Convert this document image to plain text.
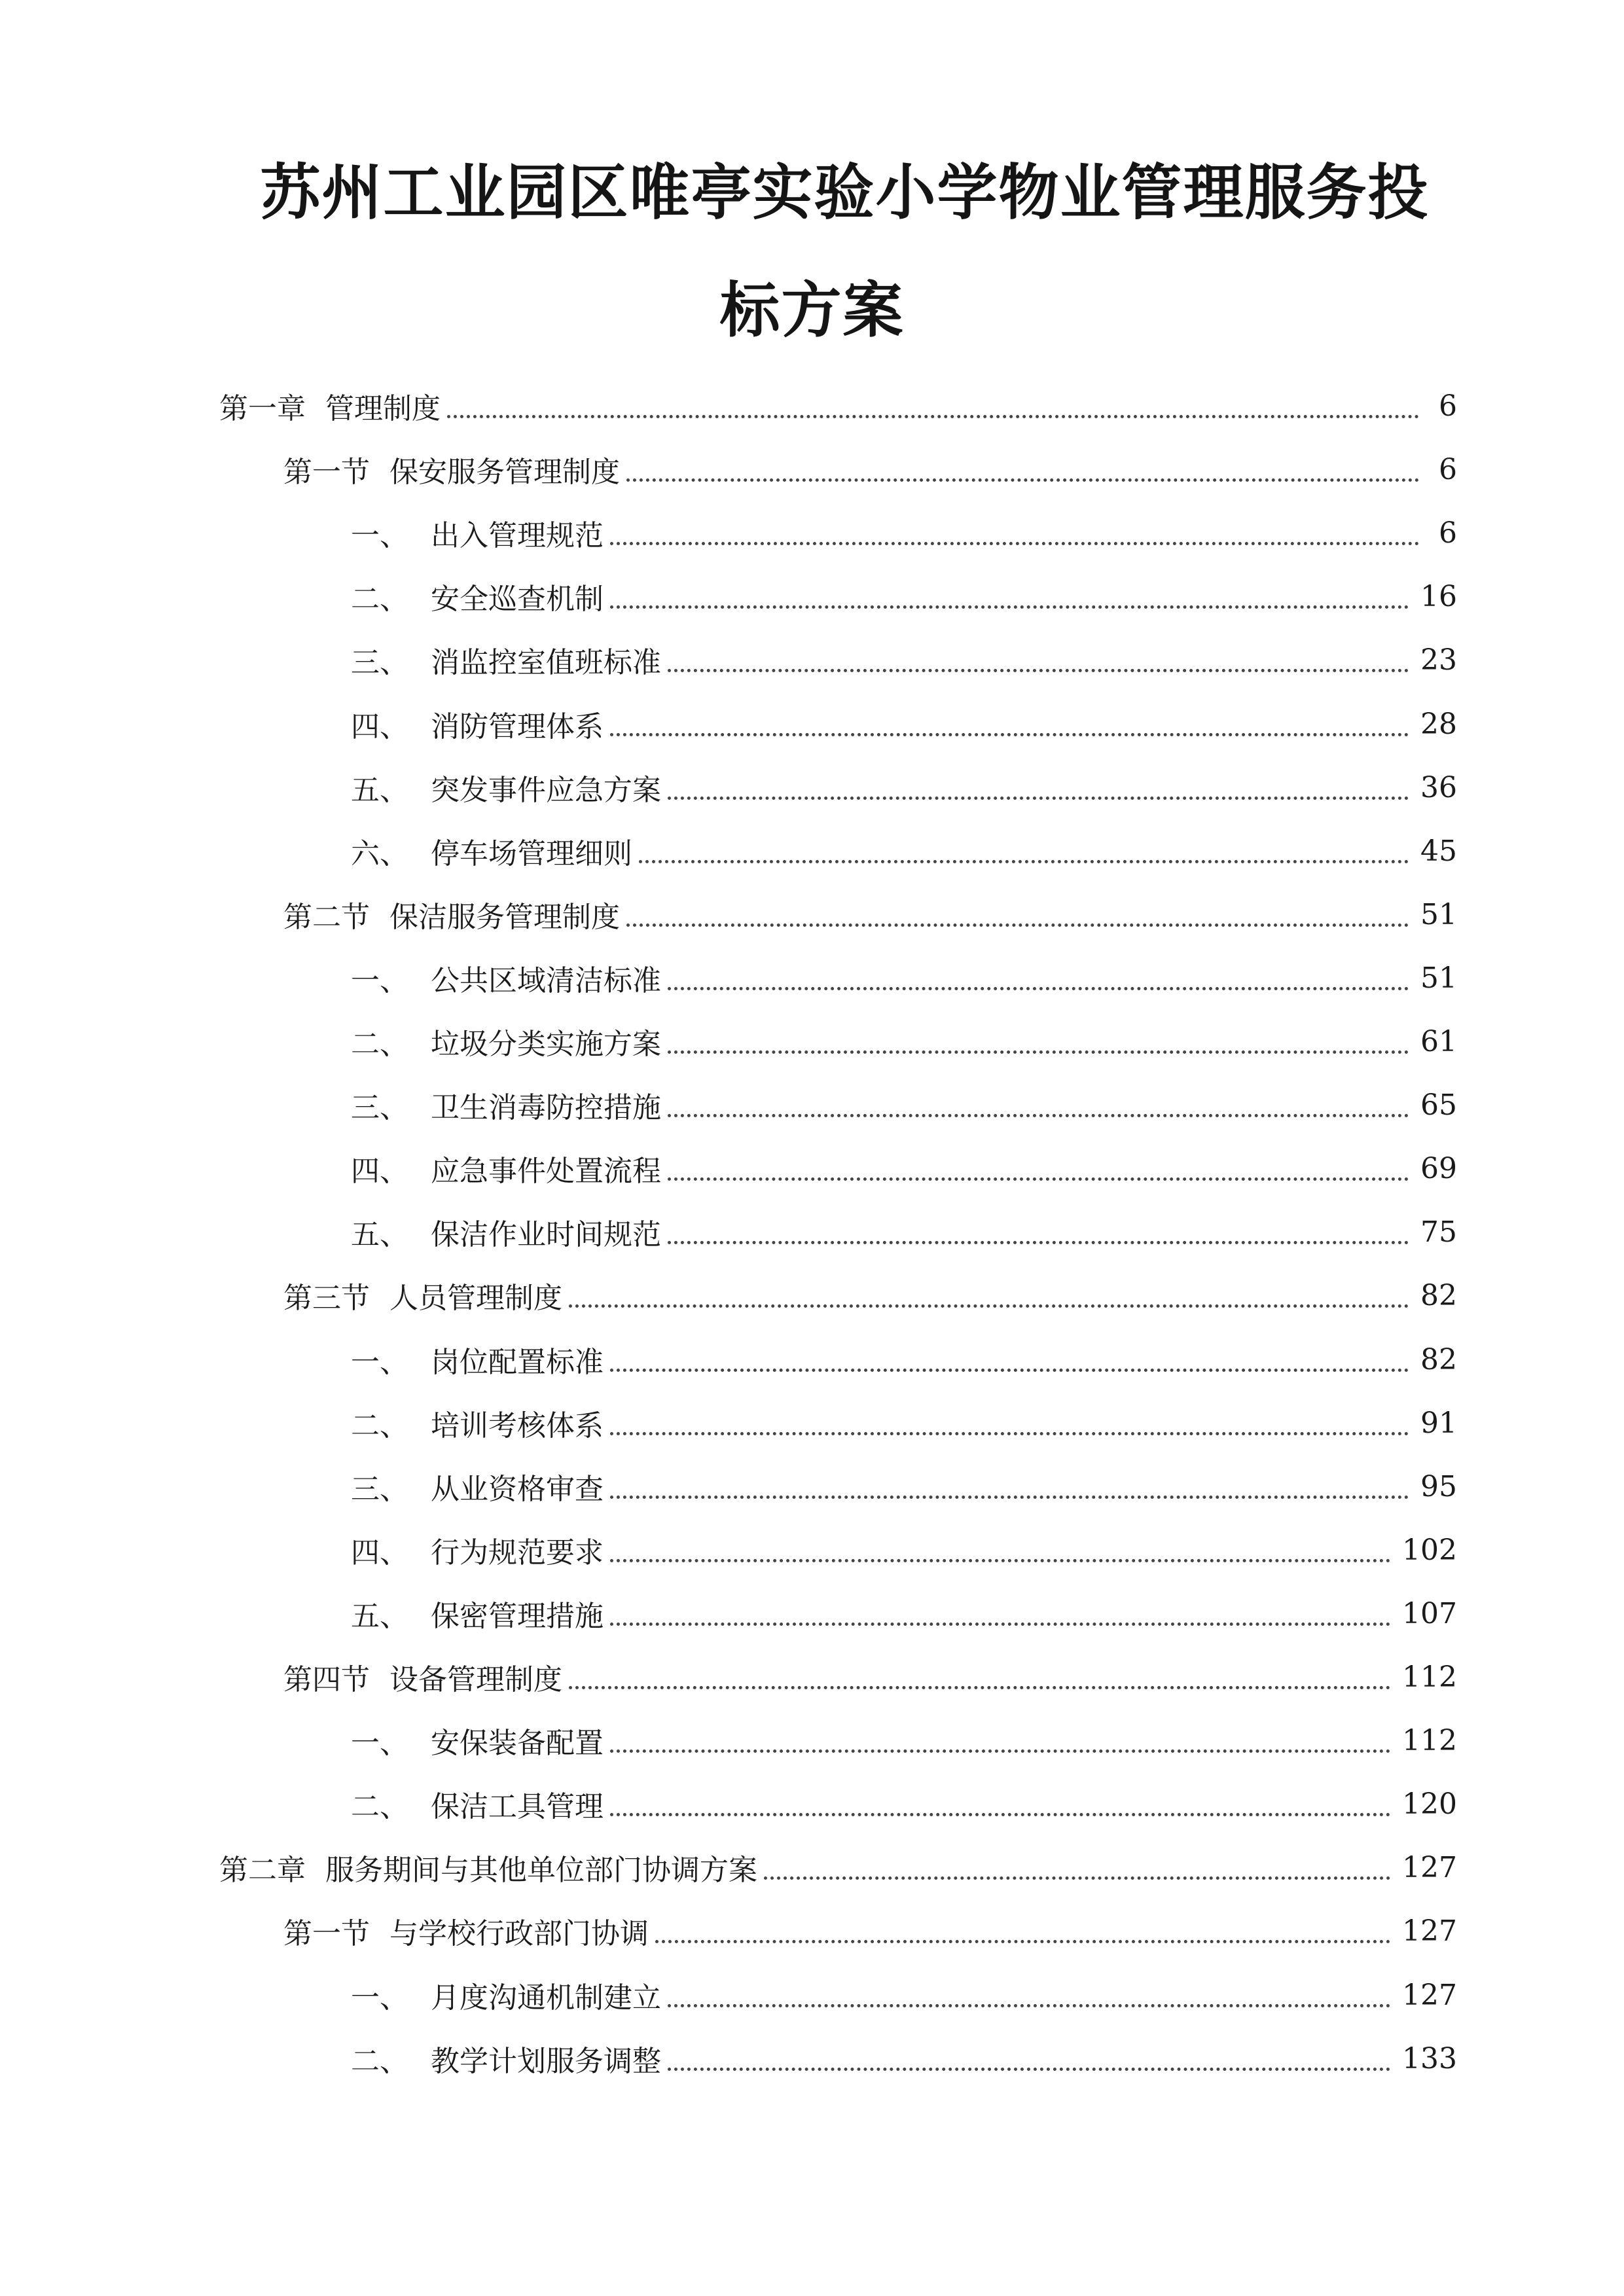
苏州工业园区唯亭实验小学物业管理服务投
标方案
第一章 管理制度	6
第一节 保安服务管理制度	6
一、 出入管理规范	6
二、 安全巡查机制	16
三、 消监控室值班标准	23
四、 消防管理体系	28
五、 突发事件应急方案	36
六、 停车场管理细则	45
第二节 保洁服务管理制度	51
一、 公共区域清洁标准	51
二、 垃圾分类实施方案	61
三、 卫生消毒防控措施	65
四、 应急事件处置流程	69
五、 保洁作业时间规范	75
第三节 人员管理制度	82
一、 岗位配置标准	82
二、 培训考核体系	91
三、 从业资格审查	95
四、 行为规范要求	102
五、 保密管理措施	107
第四节 设备管理制度	112
一、 安保装备配置	112
二、 保洁工具管理	120
第二章 服务期间与其他单位部门协调方案	127
第一节 与学校行政部门协调	127
一、 月度沟通机制建立	127
二、 教学计划服务调整	133
